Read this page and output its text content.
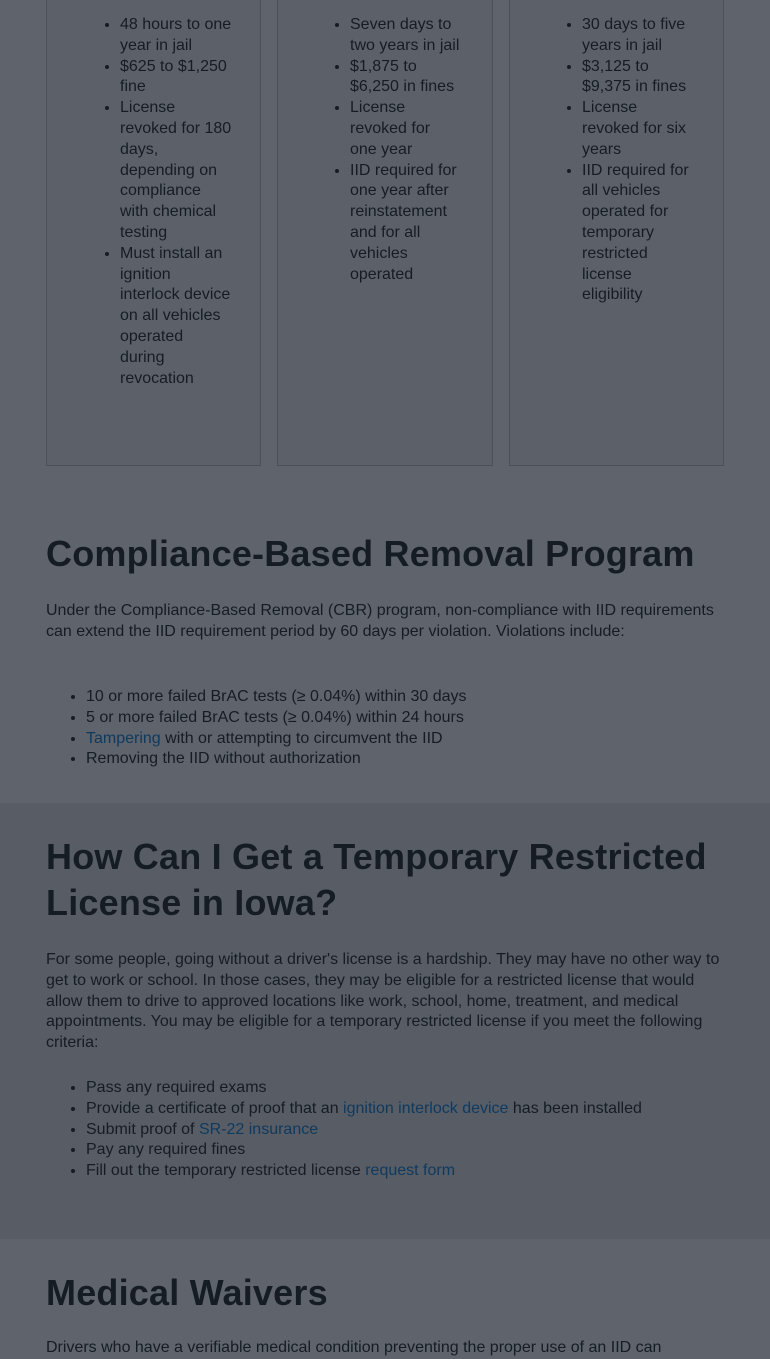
• 48 hours to one year in jail
• $625 to $1,250 fine
• License revoked for 180 days, depending on compliance with chemical testing
• Must install an ignition interlock device on all vehicles operated during revocation
• Seven days to two years in jail
• $1,875 to $6,250 in fines
• License revoked for one year
• IID required for one year after reinstatement and for all vehicles operated
• 30 days to five years in jail
• $3,125 to $9,375 in fines
• License revoked for six years
• IID required for all vehicles operated for temporary restricted license eligibility
Compliance-Based Removal Program

Under the Compliance-Based Removal (CBR) program, non-compliance with IID requirements can extend the IID requirement period by 60 days per violation. Violations include:

• 10 or more failed BrAC tests (≥ 0.04%) within 30 days
• 5 or more failed BrAC tests (≥ 0.04%) within 24 hours
• Tampering with or attempting to circumvent the IID
• Removing the IID without authorization
How Can I Get a Temporary Restricted
License in Iowa?

For some people, going without a driver's license is a hardship. They may have no other way to get to work or school. In those cases, they may be eligible for a restricted license that would allow them to drive to approved locations like work, school, home, treatment, and medical appointments. You may be eligible for a temporary restricted license if you meet the following criteria:

• Pass any required exams
• Provide a certificate of proof that an ignition interlock device has been installed
• Submit proof of SR-22 insurance
• Pay any required fines
• Fill out the temporary restricted license request form
Medical Waivers

Drivers who have a verifiable medical condition preventing the proper use of an IID can
